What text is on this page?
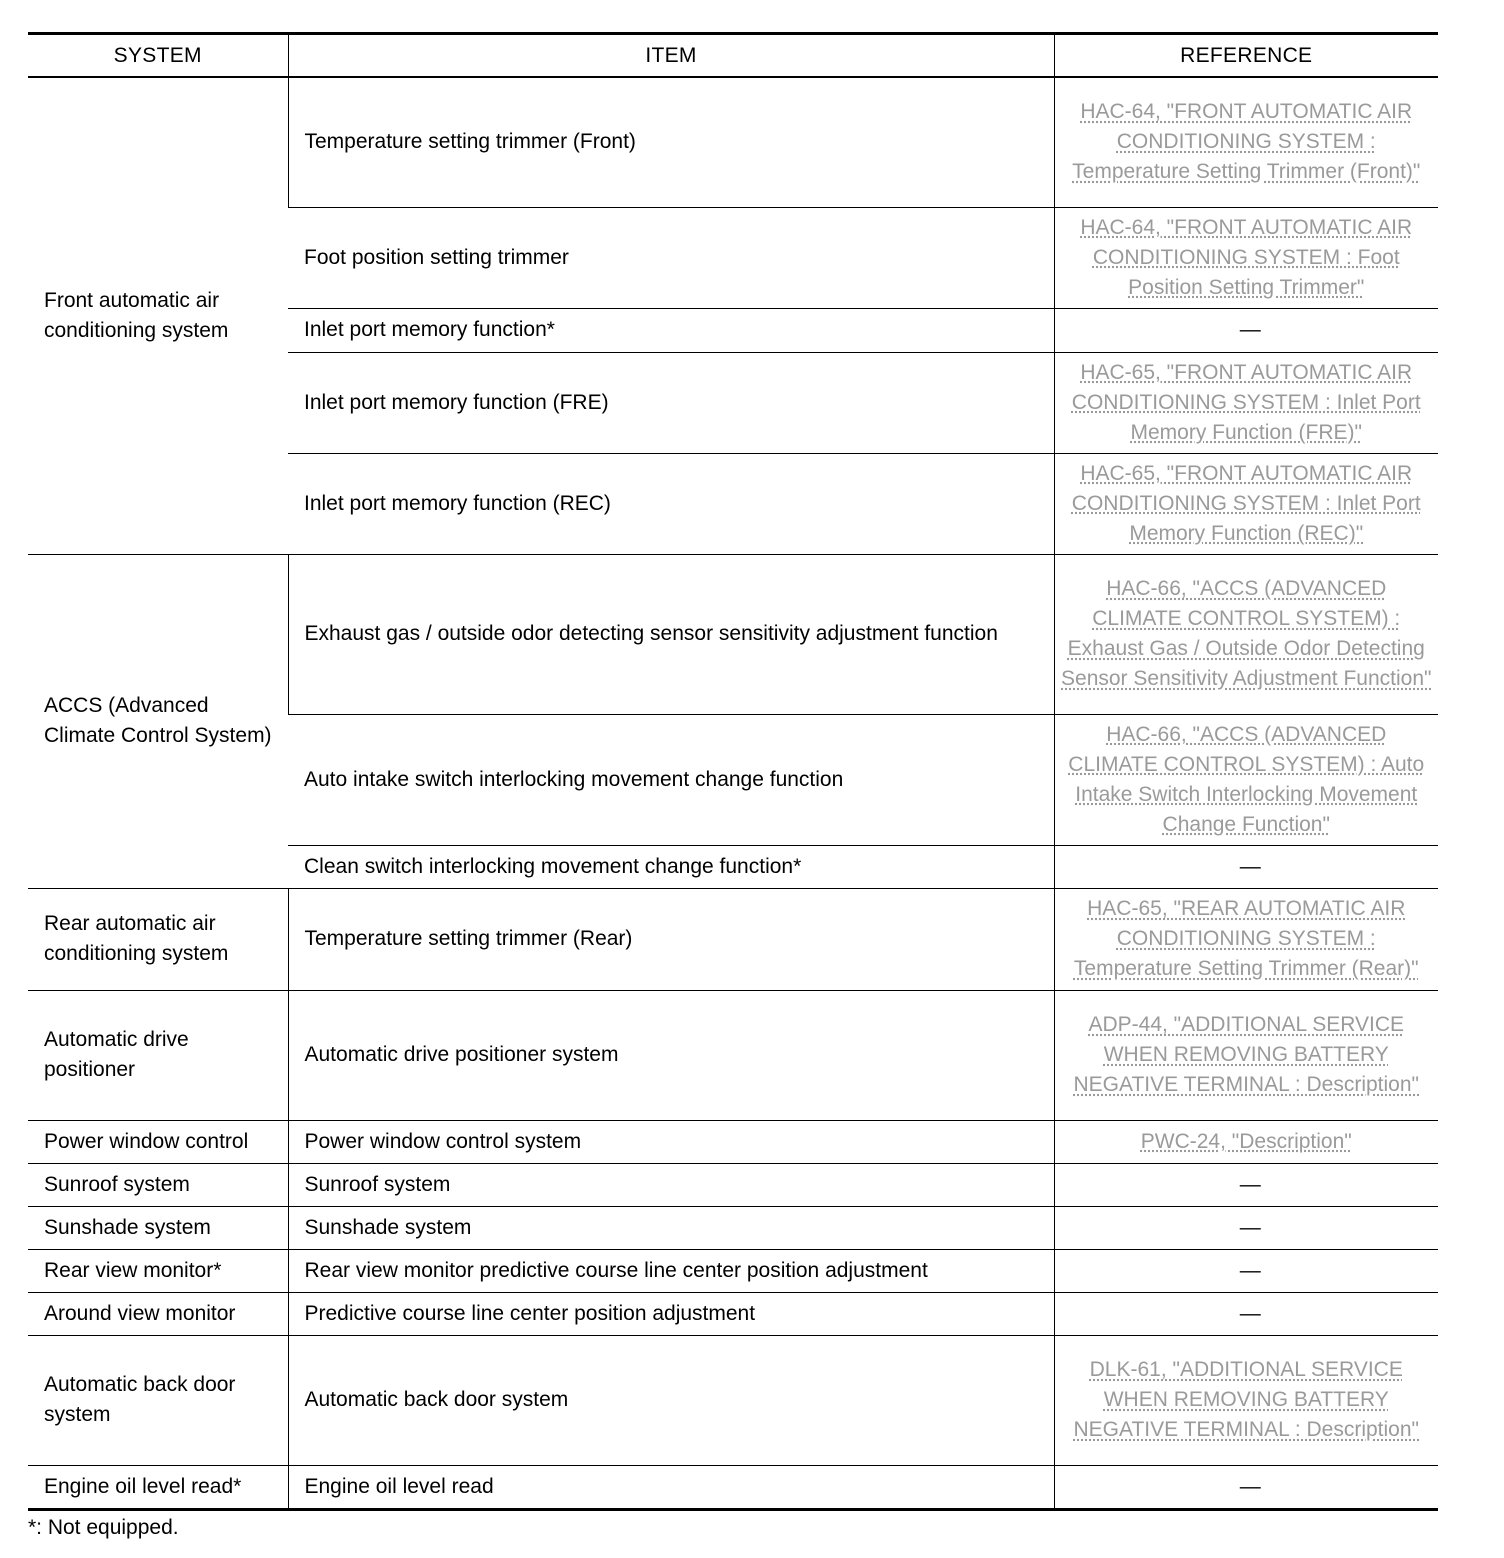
SYSTEM	ITEM	REFERENCE
Front automatic air conditioning system	Temperature setting trimmer (Front)	HAC-64, "FRONT AUTOMATIC AIR CONDITIONING SYSTEM : Temperature Setting Trimmer (Front)"
	Foot position setting trimmer	HAC-64, "FRONT AUTOMATIC AIR CONDITIONING SYSTEM : Foot Position Setting Trimmer"
	Inlet port memory function*	—
	Inlet port memory function (FRE)	HAC-65, "FRONT AUTOMATIC AIR CONDITIONING SYSTEM : Inlet Port Memory Function (FRE)"
	Inlet port memory function (REC)	HAC-65, "FRONT AUTOMATIC AIR CONDITIONING SYSTEM : Inlet Port Memory Function (REC)"
ACCS (Advanced Climate Control System)	Exhaust gas / outside odor detecting sensor sensitivity adjustment function	HAC-66, "ACCS (ADVANCED CLIMATE CONTROL SYSTEM) : Exhaust Gas / Outside Odor Detecting Sensor Sensitivity Adjustment Function"
	Auto intake switch interlocking movement change function	HAC-66, "ACCS (ADVANCED CLIMATE CONTROL SYSTEM) : Auto Intake Switch Interlocking Movement Change Function"
	Clean switch interlocking movement change function*	—
Rear automatic air conditioning system	Temperature setting trimmer (Rear)	HAC-65, "REAR AUTOMATIC AIR CONDITIONING SYSTEM : Temperature Setting Trimmer (Rear)"
Automatic drive positioner	Automatic drive positioner system	ADP-44, "ADDITIONAL SERVICE WHEN REMOVING BATTERY NEGATIVE TERMINAL : Description"
Power window control	Power window control system	PWC-24, "Description"
Sunroof system	Sunroof system	—
Sunshade system	Sunshade system	—
Rear view monitor*	Rear view monitor predictive course line center position adjustment	—
Around view monitor	Predictive course line center position adjustment	—
Automatic back door system	Automatic back door system	DLK-61, "ADDITIONAL SERVICE WHEN REMOVING BATTERY NEGATIVE TERMINAL : Description"
Engine oil level read*	Engine oil level read	—
*: Not equipped.
